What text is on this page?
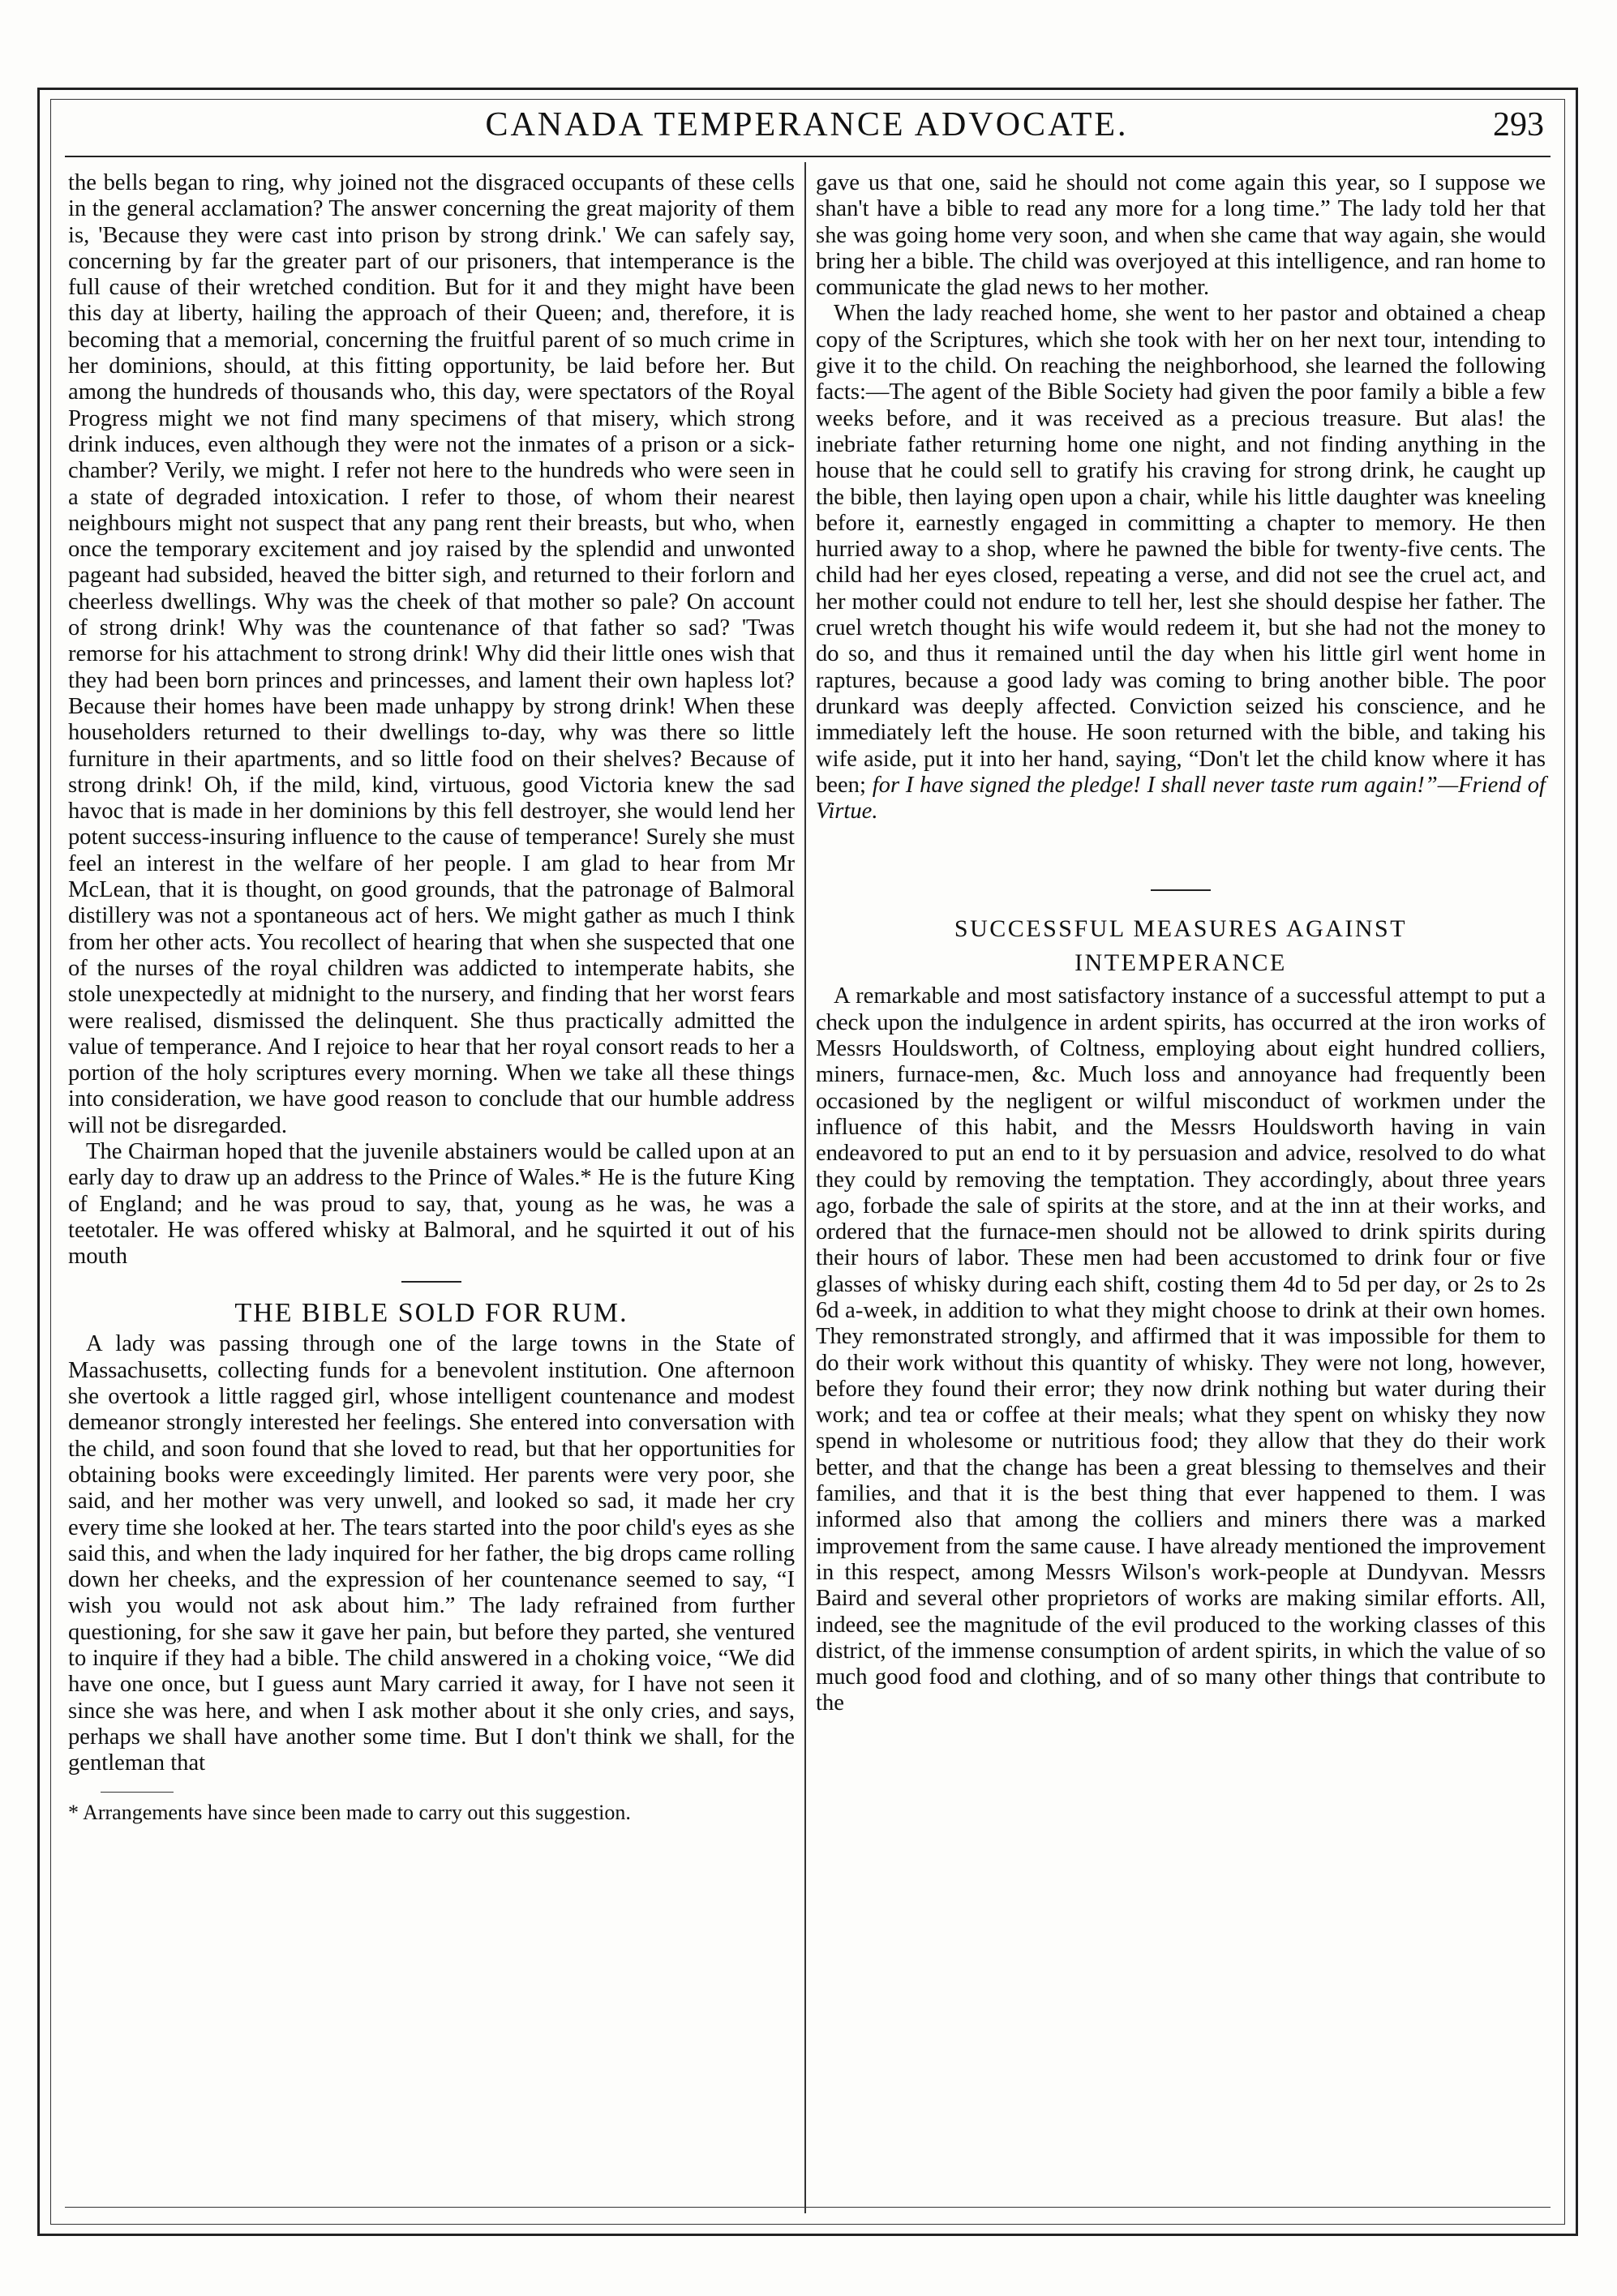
CANADA TEMPERANCE ADVOCATE.	293

the bells began to ring, why joined not the disgraced occupants of these cells in the general acclamation? The answer concerning the great majority of them is, 'Because they were cast into prison by strong drink.' We can safely say, concerning by far the greater part of our prisoners, that intemperance is the full cause of their wretched condition. But for it and they might have been this day at liberty, hailing the approach of their Queen; and, therefore, it is becoming that a memorial, concerning the fruitful parent of so much crime in her dominions, should, at this fitting opportunity, be laid before her. But among the hundreds of thousands who, this day, were spectators of the Royal Progress might we not find many specimens of that misery, which strong drink induces, even although they were not the inmates of a prison or a sick-chamber? Verily, we might. I refer not here to the hundreds who were seen in a state of degraded intoxication. I refer to those, of whom their nearest neighbours might not suspect that any pang rent their breasts, but who, when once the temporary excitement and joy raised by the splendid and unwonted pageant had subsided, heaved the bitter sigh, and returned to their forlorn and cheerless dwellings. Why was the cheek of that mother so pale? On account of strong drink! Why was the countenance of that father so sad? 'Twas remorse for his attachment to strong drink! Why did their little ones wish that they had been born princes and princesses, and lament their own hapless lot? Because their homes have been made unhappy by strong drink! When these householders returned to their dwellings to-day, why was there so little furniture in their apartments, and so little food on their shelves? Because of strong drink! Oh, if the mild, kind, virtuous, good Victoria knew the sad havoc that is made in her dominions by this fell destroyer, she would lend her potent success-insuring influence to the cause of temperance! Surely she must feel an interest in the welfare of her people. I am glad to hear from Mr McLean, that it is thought, on good grounds, that the patronage of Balmoral distillery was not a spontaneous act of hers. We might gather as much I think from her other acts. You recollect of hearing that when she suspected that one of the nurses of the royal children was addicted to intemperate habits, she stole unexpectedly at midnight to the nursery, and finding that her worst fears were realised, dismissed the delinquent. She thus practically admitted the value of temperance. And I rejoice to hear that her royal consort reads to her a portion of the holy scriptures every morning. When we take all these things into consideration, we have good reason to conclude that our humble address will not be disregarded.

The Chairman hoped that the juvenile abstainers would be called upon at an early day to draw up an address to the Prince of Wales.* He is the future King of England; and he was proud to say, that, young as he was, he was a teetotaler. He was offered whisky at Balmoral, and he squirted it out of his mouth

THE BIBLE SOLD FOR RUM.

A lady was passing through one of the large towns in the State of Massachusetts, collecting funds for a benevolent institution. One afternoon she overtook a little ragged girl, whose intelligent countenance and modest demeanor strongly interested her feelings. She entered into conversation with the child, and soon found that she loved to read, but that her opportunities for obtaining books were exceedingly limited. Her parents were very poor, she said, and her mother was very unwell, and looked so sad, it made her cry every time she looked at her. The tears started into the poor child's eyes as she said this, and when the lady inquired for her father, the big drops came rolling down her cheeks, and the expression of her countenance seemed to say, “I wish you would not ask about him.” The lady refrained from further questioning, for she saw it gave her pain, but before they parted, she ventured to inquire if they had a bible. The child answered in a choking voice, “We did have one once, but I guess aunt Mary carried it away, for I have not seen it since she was here, and when I ask mother about it she only cries, and says, perhaps we shall have another some time. But I don't think we shall, for the gentleman that

* Arrangements have since been made to carry out this suggestion.

gave us that one, said he should not come again this year, so I suppose we shan't have a bible to read any more for a long time.” The lady told her that she was going home very soon, and when she came that way again, she would bring her a bible. The child was overjoyed at this intelligence, and ran home to communicate the glad news to her mother.

When the lady reached home, she went to her pastor and obtained a cheap copy of the Scriptures, which she took with her on her next tour, intending to give it to the child. On reaching the neighborhood, she learned the following facts:—The agent of the Bible Society had given the poor family a bible a few weeks before, and it was received as a precious treasure. But alas! the inebriate father returning home one night, and not finding anything in the house that he could sell to gratify his craving for strong drink, he caught up the bible, then laying open upon a chair, while his little daughter was kneeling before it, earnestly engaged in committing a chapter to memory. He then hurried away to a shop, where he pawned the bible for twenty-five cents. The child had her eyes closed, repeating a verse, and did not see the cruel act, and her mother could not endure to tell her, lest she should despise her father. The cruel wretch thought his wife would redeem it, but she had not the money to do so, and thus it remained until the day when his little girl went home in raptures, because a good lady was coming to bring another bible. The poor drunkard was deeply affected. Conviction seized his conscience, and he immediately left the house. He soon returned with the bible, and taking his wife aside, put it into her hand, saying, “Don't let the child know where it has been; for I have signed the pledge! I shall never taste rum again!”—Friend of Virtue.

SUCCESSFUL MEASURES AGAINST
INTEMPERANCE

A remarkable and most satisfactory instance of a successful attempt to put a check upon the indulgence in ardent spirits, has occurred at the iron works of Messrs Houldsworth, of Coltness, employing about eight hundred colliers, miners, furnace-men, &c. Much loss and annoyance had frequently been occasioned by the negligent or wilful misconduct of workmen under the influence of this habit, and the Messrs Houldsworth having in vain endeavored to put an end to it by persuasion and advice, resolved to do what they could by removing the temptation. They accordingly, about three years ago, forbade the sale of spirits at the store, and at the inn at their works, and ordered that the furnace-men should not be allowed to drink spirits during their hours of labor. These men had been accustomed to drink four or five glasses of whisky during each shift, costing them 4d to 5d per day, or 2s to 2s 6d a-week, in addition to what they might choose to drink at their own homes. They remonstrated strongly, and affirmed that it was impossible for them to do their work without this quantity of whisky. They were not long, however, before they found their error; they now drink nothing but water during their work; and tea or coffee at their meals; what they spent on whisky they now spend in wholesome or nutritious food; they allow that they do their work better, and that the change has been a great blessing to themselves and their families, and that it is the best thing that ever happened to them. I was informed also that among the colliers and miners there was a marked improvement from the same cause. I have already mentioned the improvement in this respect, among Messrs Wilson's work-people at Dundyvan. Messrs Baird and several other proprietors of works are making similar efforts. All, indeed, see the magnitude of the evil produced to the working classes of this district, of the immense consumption of ardent spirits, in which the value of so much good food and clothing, and of so many other things that contribute to the
